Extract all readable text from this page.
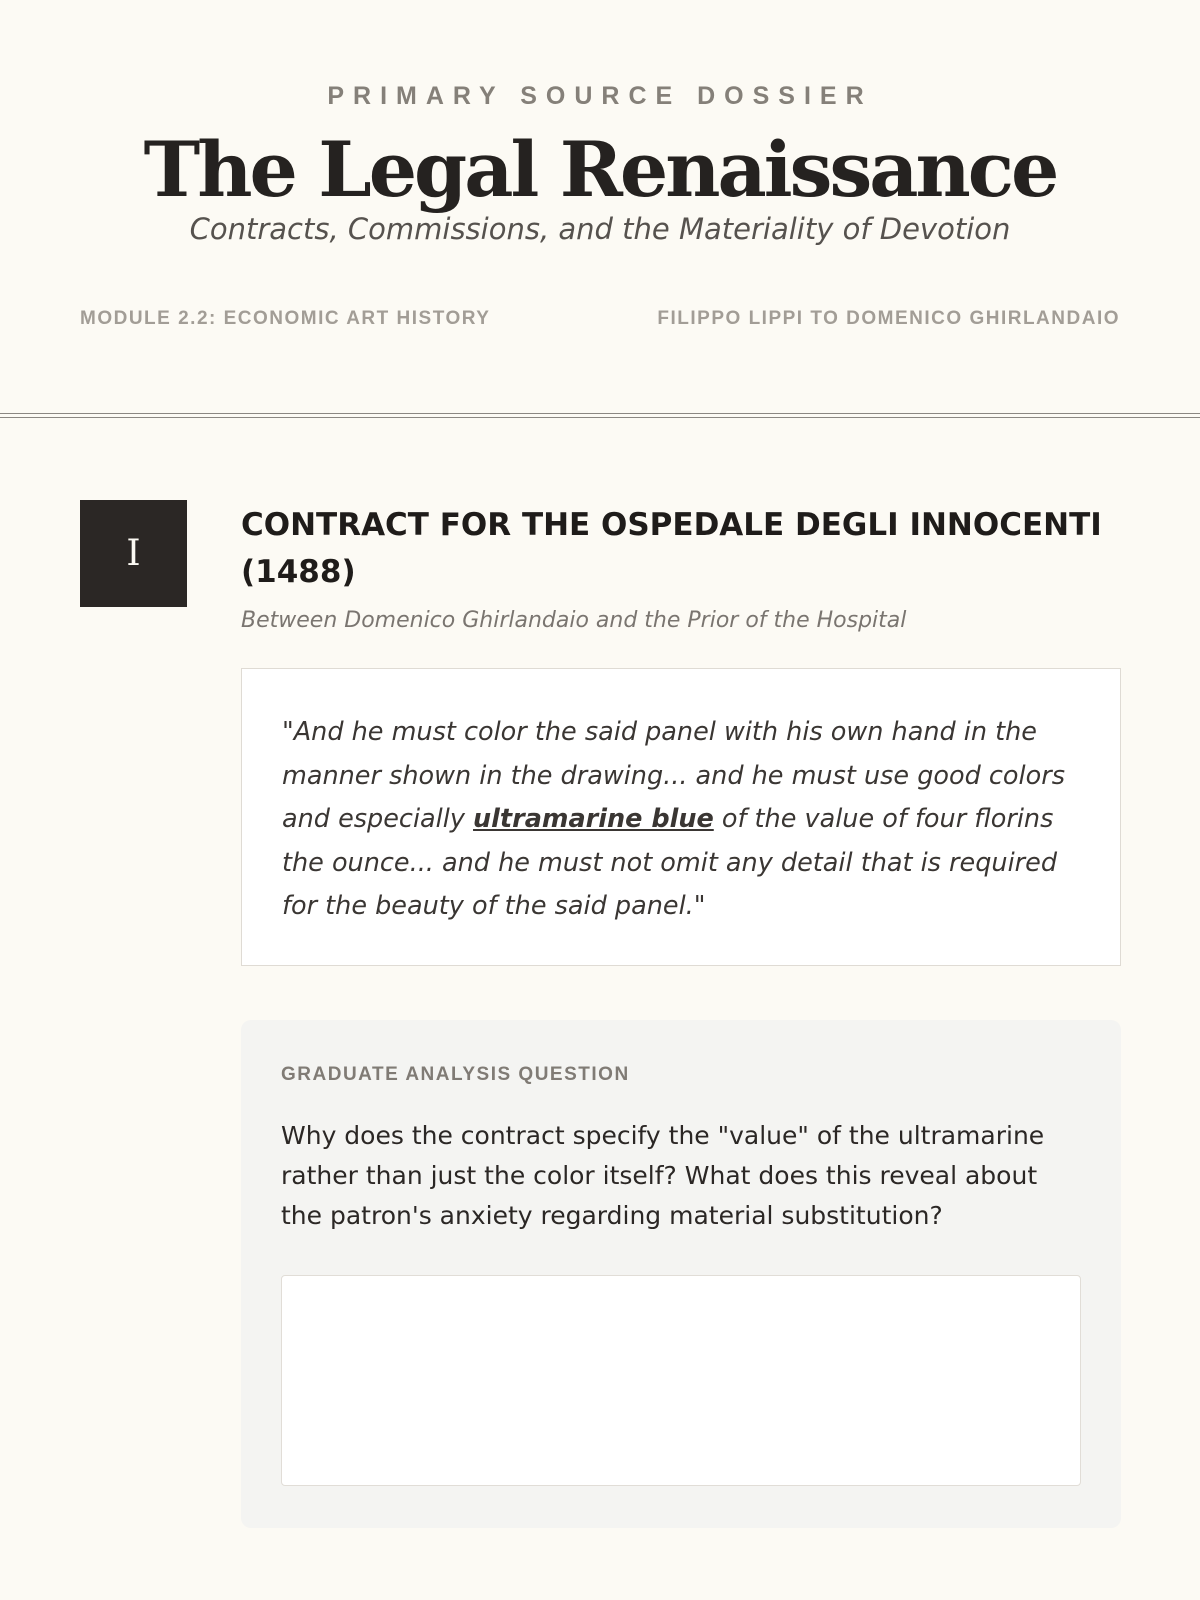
PRIMARY SOURCE DOSSIER
The Legal Renaissance
Contracts, Commissions, and the Materiality of Devotion
MODULE 2.2: ECONOMIC ART HISTORY	FILIPPO LIPPI TO DOMENICO GHIRLANDAIO
I
CONTRACT FOR THE OSPEDALE DEGLI INNOCENTI (1488)
Between Domenico Ghirlandaio and the Prior of the Hospital
"And he must color the said panel with his own hand in the manner shown in the drawing... and he must use good colors and especially ultramarine blue of the value of four florins the ounce... and he must not omit any detail that is required for the beauty of the said panel."
GRADUATE ANALYSIS QUESTION
Why does the contract specify the "value" of the ultramarine rather than just the color itself? What does this reveal about the patron's anxiety regarding material substitution?
